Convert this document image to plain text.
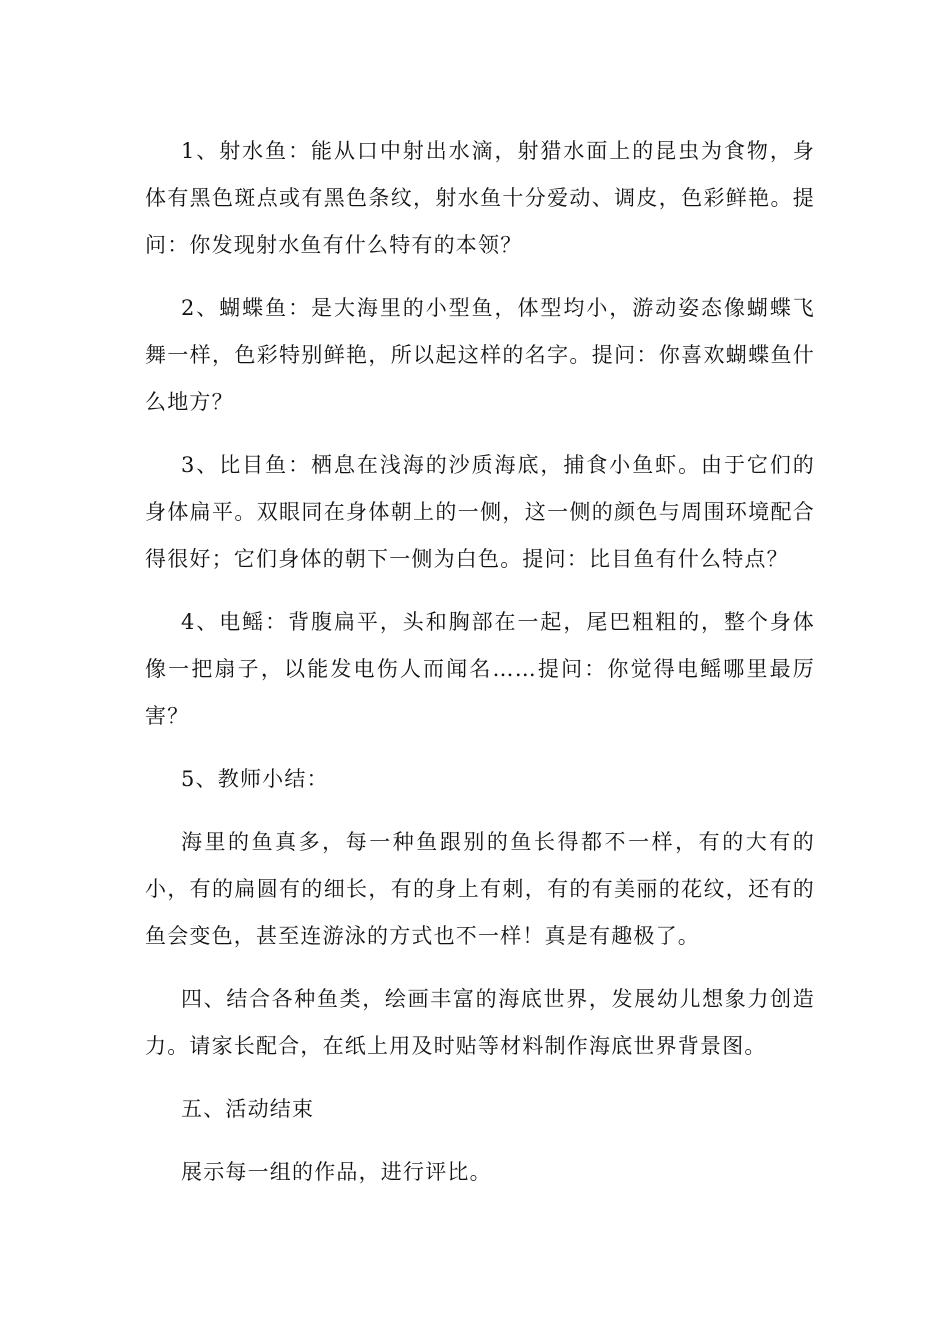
1、射水鱼：能从口中射出水滴，射猎水面上的昆虫为食物，身体有黑色斑点或有黑色条纹，射水鱼十分爱动、调皮，色彩鲜艳。提问：你发现射水鱼有什么特有的本领？

2、蝴蝶鱼：是大海里的小型鱼，体型均小，游动姿态像蝴蝶飞舞一样，色彩特别鲜艳，所以起这样的名字。提问：你喜欢蝴蝶鱼什么地方？

3、比目鱼：栖息在浅海的沙质海底，捕食小鱼虾。由于它们的身体扁平。双眼同在身体朝上的一侧，这一侧的颜色与周围环境配合得很好；它们身体的朝下一侧为白色。提问：比目鱼有什么特点？

4、电鳐：背腹扁平，头和胸部在一起，尾巴粗粗的，整个身体像一把扇子，以能发电伤人而闻名……提问：你觉得电鳐哪里最厉害？

5、教师小结：

海里的鱼真多，每一种鱼跟别的鱼长得都不一样，有的大有的小，有的扁圆有的细长，有的身上有刺，有的有美丽的花纹，还有的鱼会变色，甚至连游泳的方式也不一样！真是有趣极了。

四、结合各种鱼类，绘画丰富的海底世界，发展幼儿想象力创造力。请家长配合，在纸上用及时贴等材料制作海底世界背景图。

五、活动结束

展示每一组的作品，进行评比。
